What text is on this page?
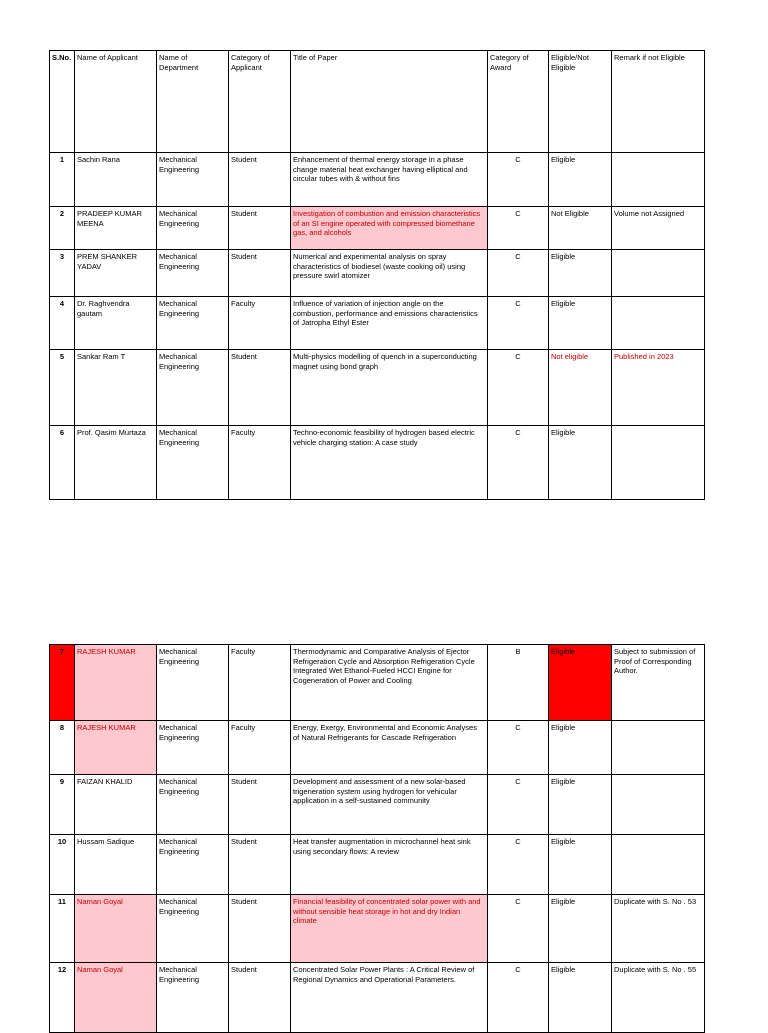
S.No.	Name of Applicant	Name of Department	Category of Applicant	Title of Paper	Category of Award	Eligible/Not Eligible	Remark if not Eligible
1	Sachin Rana	Mechanical Engineering	Student	Enhancement of thermal energy storage in a phase change material heat exchanger having elliptical and circular tubes with & without fins	C	Eligible	
2	PRADEEP KUMAR MEENA	Mechanical Engineering	Student	Investigation of combustion and emission characteristics of an SI engine operated with compressed biomethane gas, and alcohols	C	Not Eligible	Volume not Assigned
3	PREM SHANKER YADAV	Mechanical Engineering	Student	Numerical and experimental analysis on spray characteristics of biodiesel (waste cooking oil) using pressure swirl atomizer	C	Eligible	
4	Dr. Raghvendra gautam	Mechanical Engineering	Faculty	Influence of variation of injection angle on the combustion, performance and emissions characteristics of Jatropha Ethyl Ester	C	Eligible	
5	Sankar Ram T	Mechanical Engineering	Student	Multi-physics modelling of quench in a superconducting magnet using bond graph	C	Not eligible	Published in 2023
6	Prof. Qasim Murtaza	Mechanical Engineering	Faculty	Techno-economic feasibility of hydrogen based electric vehicle charging station: A case study	C	Eligible	
7	RAJESH KUMAR	Mechanical Engineering	Faculty	Thermodynamic and Comparative Analysis of Ejector Refrigeration Cycle and Absorption Refrigeration Cycle Integrated Wet Ethanol-Fueled HCCI Engine for Cogeneration of Power and Cooling	B	Eligible	Subject to submission of Proof of Corresponding Author.
8	RAJESH KUMAR	Mechanical Engineering	Faculty	Energy, Exergy, Environmental and Economic Analyses of Natural Refrigerants for Cascade Refrigeration	C	Eligible	
9	FAIZAN KHALID	Mechanical Engineering	Student	Development and assessment of a new solar-based trigeneration system using hydrogen for vehicular application in a self-sustained community	C	Eligible	
10	Hussam Sadique	Mechanical Engineering	Student	Heat transfer augmentation in microchannel heat sink using secondary flows: A review	C	Eligible	
11	Naman Goyal	Mechanical Engineering	Student	Financial feasibility of concentrated solar power with and without sensible heat storage in hot and dry Indian climate	C	Eligible	Duplicate with S. No . 53
12	Naman Goyal	Mechanical Engineering	Student	Concentrated Solar Power Plants : A Critical Review of Regional Dynamics and Operational Parameters.	C	Eligible	Duplicate with S. No . 55
